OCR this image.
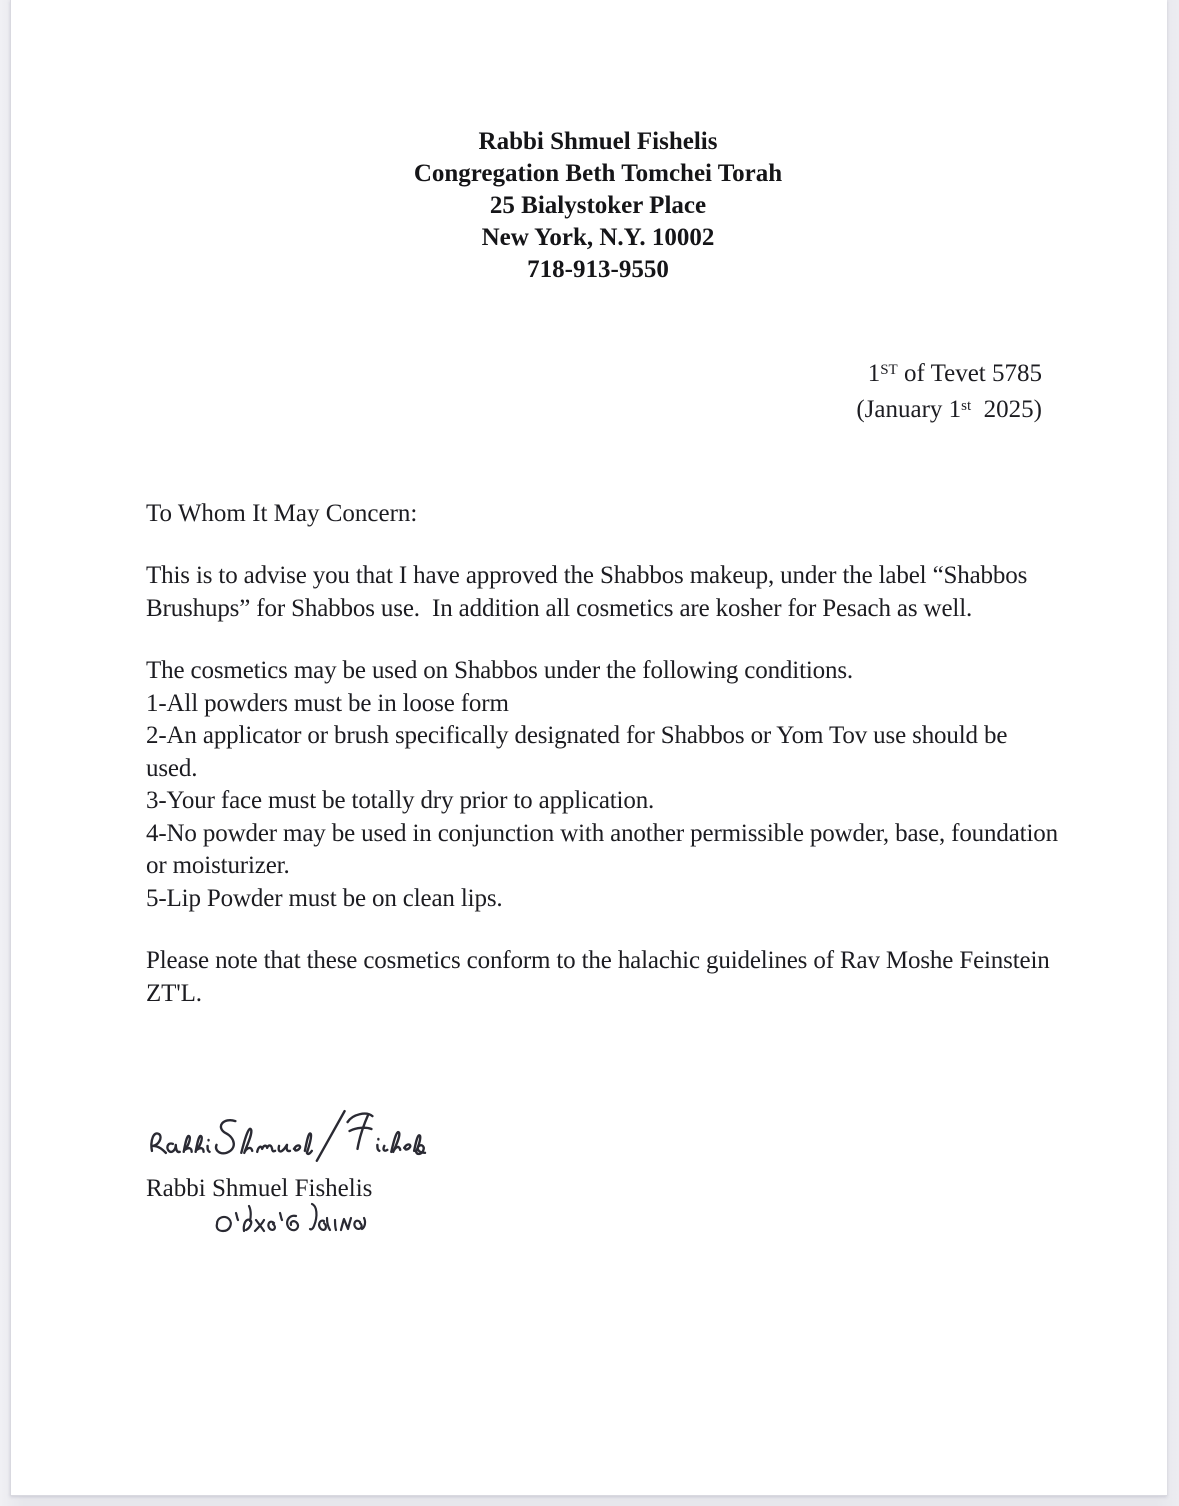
Rabbi Shmuel Fishelis
Congregation Beth Tomchei Torah
25 Bialystoker Place
New York, N.Y. 10002
718-913-9550
1ST of Tevet 5785
(January 1st  2025)
To Whom It May Concern:
This is to advise you that I have approved the Shabbos makeup, under the label “Shabbos
Brushups” for Shabbos use.  In addition all cosmetics are kosher for Pesach as well.
The cosmetics may be used on Shabbos under the following conditions.
1-All powders must be in loose form
2-An applicator or brush specifically designated for Shabbos or Yom Tov use should be
used.
3-Your face must be totally dry prior to application.
4-No powder may be used in conjunction with another permissible powder, base, foundation
or moisturizer.
5-Lip Powder must be on clean lips.
Please note that these cosmetics conform to the halachic guidelines of Rav Moshe Feinstein
ZT'L.
Rabbi Shmuel Fishelis
